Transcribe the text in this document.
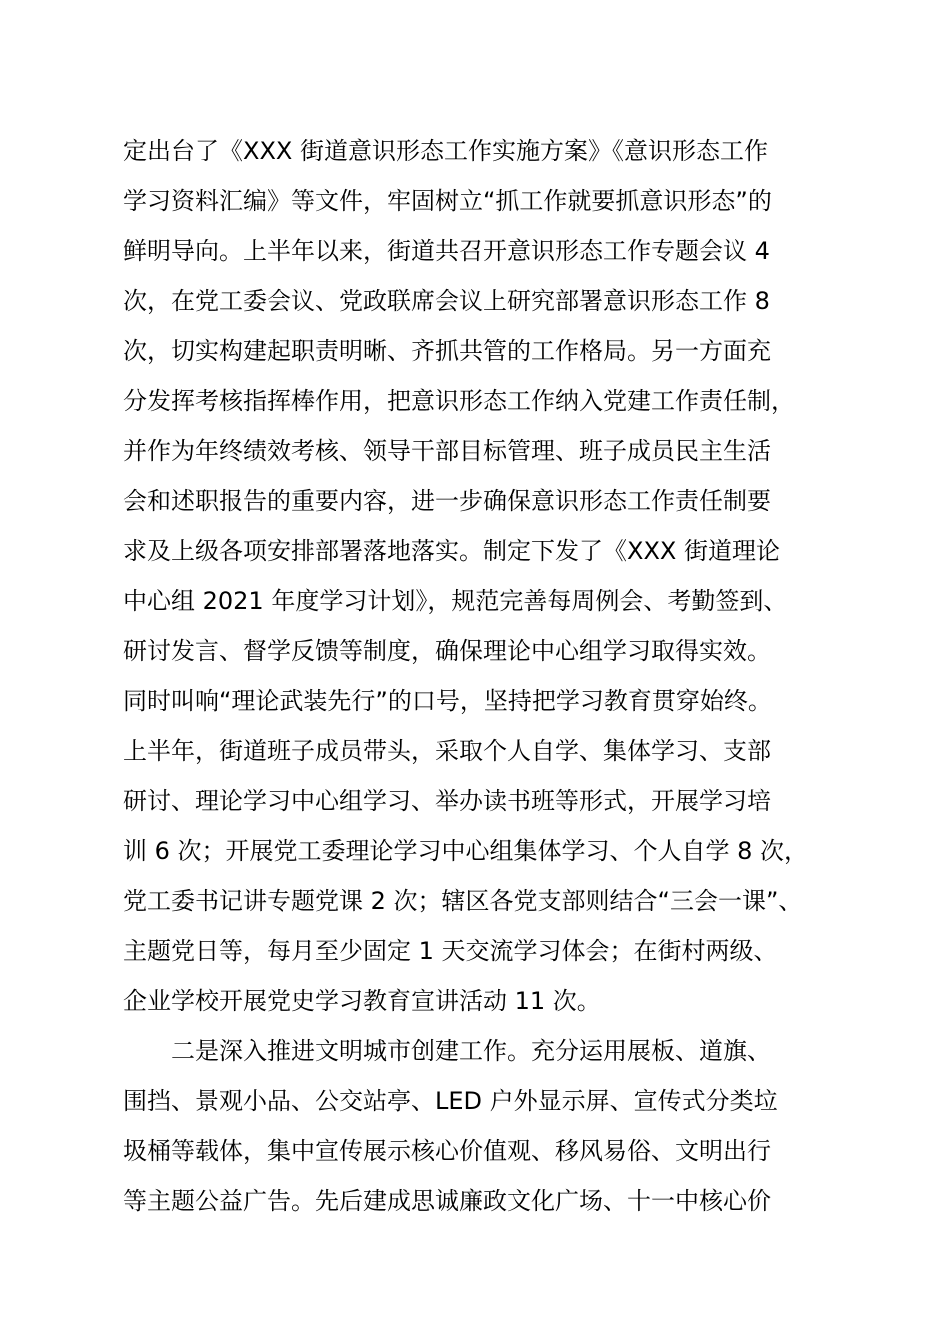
定出台了《XXX 街道意识形态工作实施方案》《意识形态工作
学习资料汇编》等文件，牢固树立“抓工作就要抓意识形态”的
鲜明导向。上半年以来，街道共召开意识形态工作专题会议 4
次，在党工委会议、党政联席会议上研究部署意识形态工作 8
次，切实构建起职责明晰、齐抓共管的工作格局。另一方面充
分发挥考核指挥棒作用，把意识形态工作纳入党建工作责任制，
并作为年终绩效考核、领导干部目标管理、班子成员民主生活
会和述职报告的重要内容，进一步确保意识形态工作责任制要
求及上级各项安排部署落地落实。制定下发了《XXX 街道理论
中心组 2021 年度学习计划》，规范完善每周例会、考勤签到、
研讨发言、督学反馈等制度，确保理论中心组学习取得实效。
同时叫响“理论武装先行”的口号，坚持把学习教育贯穿始终。
上半年，街道班子成员带头，采取个人自学、集体学习、支部
研讨、理论学习中心组学习、举办读书班等形式，开展学习培
训 6 次；开展党工委理论学习中心组集体学习、个人自学 8 次，
党工委书记讲专题党课 2 次；辖区各党支部则结合“三会一课”、
主题党日等，每月至少固定 1 天交流学习体会；在街村两级、
企业学校开展党史学习教育宣讲活动 11 次。
二是深入推进文明城市创建工作。充分运用展板、道旗、
围挡、景观小品、公交站亭、LED 户外显示屏、宣传式分类垃
圾桶等载体，集中宣传展示核心价值观、移风易俗、文明出行
等主题公益广告。先后建成思诚廉政文化广场、十一中核心价
